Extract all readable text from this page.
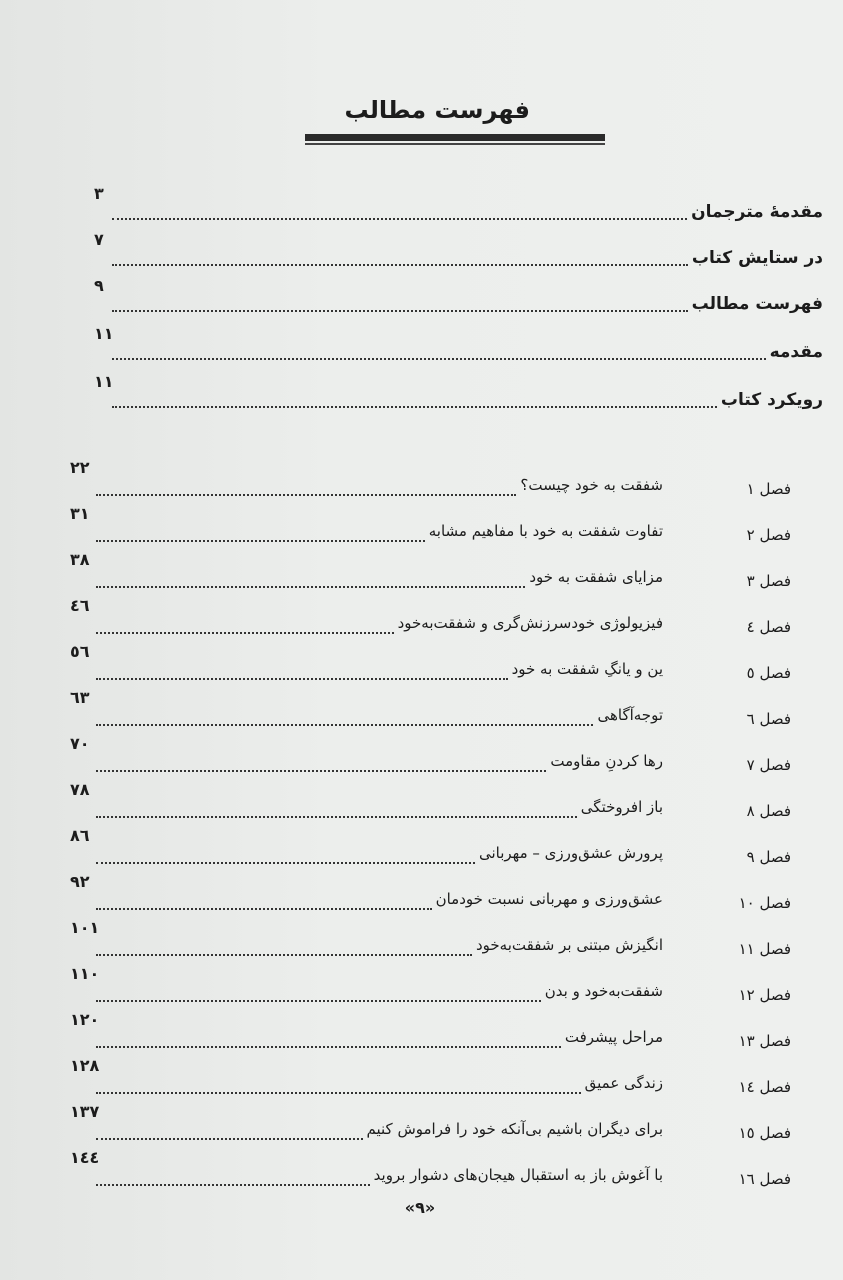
فهرست مطالب
مقدمهٔ مترجمان
۳
در ستایش کتاب
۷
فهرست مطالب
۹
مقدمه
۱۱
رویکرد کتاب
۱۱
فصل ۱
شفقت به خود چیست؟
۲۲
فصل ۲
تفاوت شفقت به خود با مفاهیم مشابه
۳۱
فصل ۳
مزایای شفقت به خود
۳۸
فصل ٤
فیزیولوژی خودسرزنش‌گری و شفقت‌به‌خود
٤٦
فصل ٥
ین و یانگِ شفقت به خود
٥٦
فصل ٦
توجه‌آگاهی
٦۳
فصل ۷
رها کردنِ مقاومت
۷۰
فصل ۸
باز افروختگی
۷۸
فصل ۹
پرورش عشق‌ورزی – مهربانی
۸٦
فصل ۱۰
عشق‌ورزی و مهربانی نسبت خودمان
۹۲
فصل ۱۱
انگیزش مبتنی بر شفقت‌به‌خود
۱۰۱
فصل ۱۲
شفقت‌به‌خود و بدن
۱۱۰
فصل ۱۳
مراحل پیشرفت
۱۲۰
فصل ۱٤
زندگی عمیق
۱۲۸
فصل ۱٥
برای دیگران باشیم بی‌آنکه خود را فراموش کنیم
۱۳۷
فصل ۱٦
با آغوش باز به استقبال هیجان‌های دشوار بروید
۱٤٤
«۹»
